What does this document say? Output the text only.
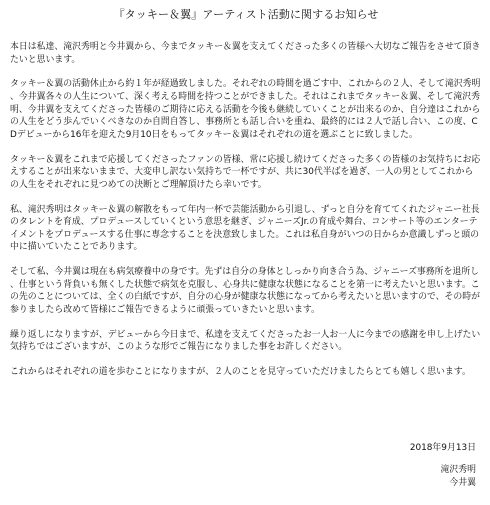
『タッキー＆翼』アーティスト活動に関するお知らせ

本日は私達、滝沢秀明と今井翼から、今までタッキー＆翼を支えてくださった多くの皆様へ大切なご報告をさせて頂きたいと思います。

タッキー＆翼の活動休止から約１年が経過致しました。それぞれの時間を過ごす中、これからの２人、そして滝沢秀明、今井翼各々の人生について、深く考える時間を持つことができました。それはこれまでタッキー＆翼、そして滝沢秀明、今井翼を支えてくださった皆様のご期待に応える活動を今後も継続していくことが出来るのか、自分達はこれからの人生をどう歩んでいくべきなのか自問自答し、事務所とも話し合いを重ね、最終的には２人で話し合い、この度、CDデビューから16年を迎えた9月10日をもってタッキー＆翼はそれぞれの道を選ぶことに致しました。

タッキー＆翼をこれまで応援してくださったファンの皆様、常に応援し続けてくださった多くの皆様のお気持ちにお応えすることが出来ないままで、大変申し訳ない気持ちで一杯ですが、共に30代半ばを過ぎ、一人の男としてこれからの人生をそれぞれに見つめての決断とご理解頂けたら幸いです。

私、滝沢秀明はタッキー＆翼の解散をもって年内一杯で芸能活動から引退し、ずっと自分を育ててくれたジャニー社長のタレントを育成、プロデュースしていくという意思を継ぎ、ジャニーズJr.の育成や舞台、コンサート等のエンターテイメントをプロデュースする仕事に専念することを決意致しました。これは私自身がいつの日からか意識しずっと頭の中に描いていたことであります。

そして私、今井翼は現在も病気療養中の身です。先ずは自分の身体としっかり向き合う為、ジャニーズ事務所を退所し、仕事という背負いも無くした状態で病気を克服し、心身共に健康な状態になることを第一に考えたいと思います。この先のことについては、全くの白紙ですが、自分の心身が健康な状態になってから考えたいと思いますので、その時が参りましたら改めて皆様にご報告できるように頑張っていきたいと思います。

繰り返しになりますが、デビューから今日まで、私達を支えてくださったお一人お一人に今までの感謝を申し上げたい気持ちではございますが、このような形でご報告になりました事をお許しください。

これからはそれぞれの道を歩むことになりますが、２人のことを見守っていただけましたらとても嬉しく思います。

2018年9月13日
滝沢秀明
今井翼
